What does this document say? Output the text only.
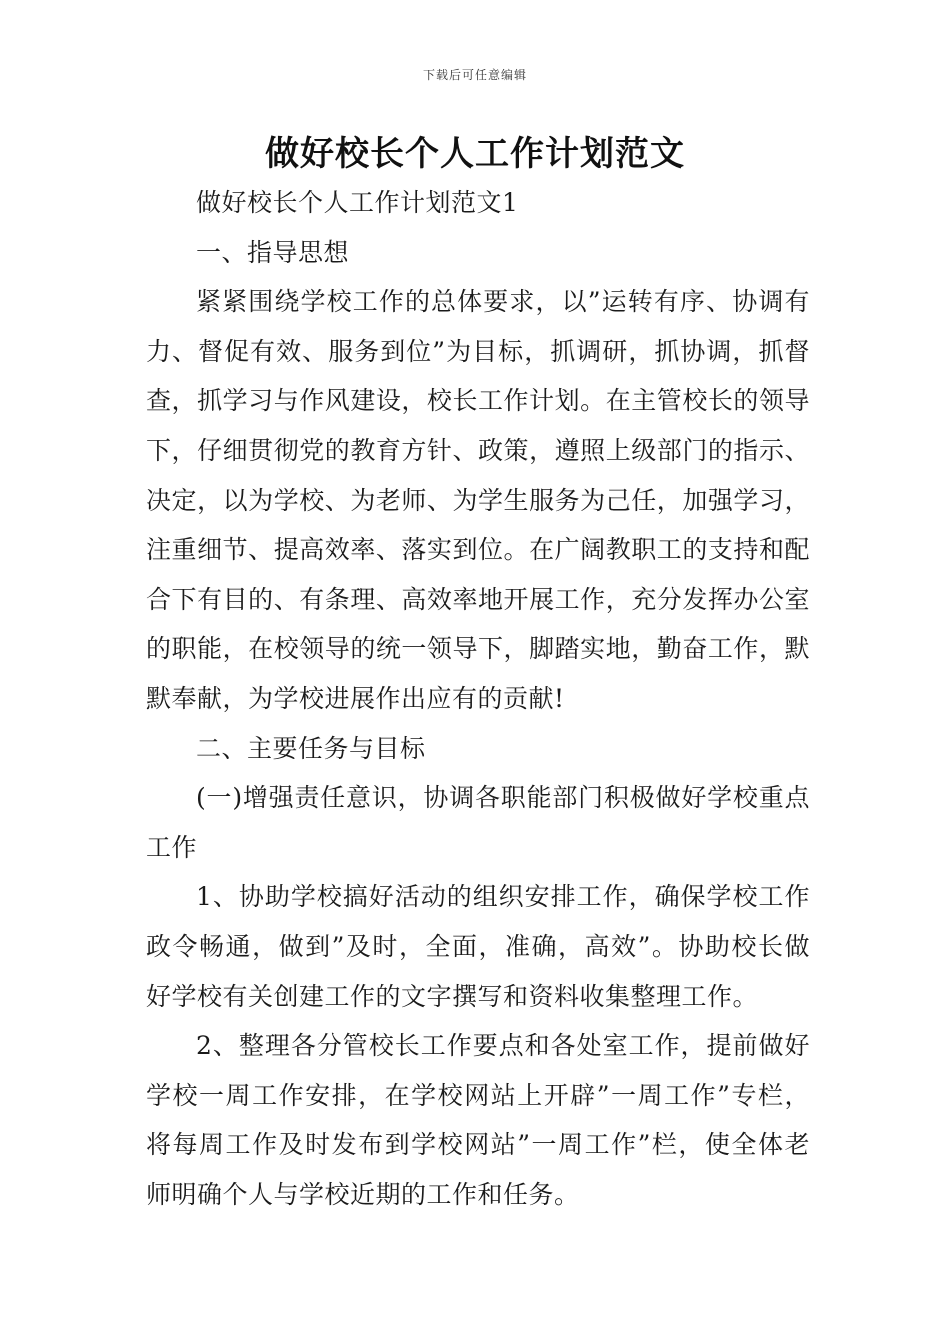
下载后可任意编辑
做好校长个人工作计划范文

做好校长个人工作计划范文1

一、指导思想

紧紧围绕学校工作的总体要求，以”运转有序、协调有力、督促有效、服务到位”为目标，抓调研，抓协调，抓督查，抓学习与作风建设，校长工作计划。在主管校长的领导下，仔细贯彻党的教育方针、政策，遵照上级部门的指示、决定，以为学校、为老师、为学生服务为己任，加强学习，注重细节、提高效率、落实到位。在广阔教职工的支持和配合下有目的、有条理、高效率地开展工作，充分发挥办公室的职能，在校领导的统一领导下，脚踏实地，勤奋工作，默默奉献，为学校进展作出应有的贡献!

二、主要任务与目标

(一)增强责任意识，协调各职能部门积极做好学校重点工作

1、协助学校搞好活动的组织安排工作，确保学校工作政令畅通，做到”及时，全面，准确，高效”。协助校长做好学校有关创建工作的文字撰写和资料收集整理工作。

2、整理各分管校长工作要点和各处室工作，提前做好学校一周工作安排，在学校网站上开辟”一周工作”专栏，将每周工作及时发布到学校网站”一周工作”栏，使全体老师明确个人与学校近期的工作和任务。
